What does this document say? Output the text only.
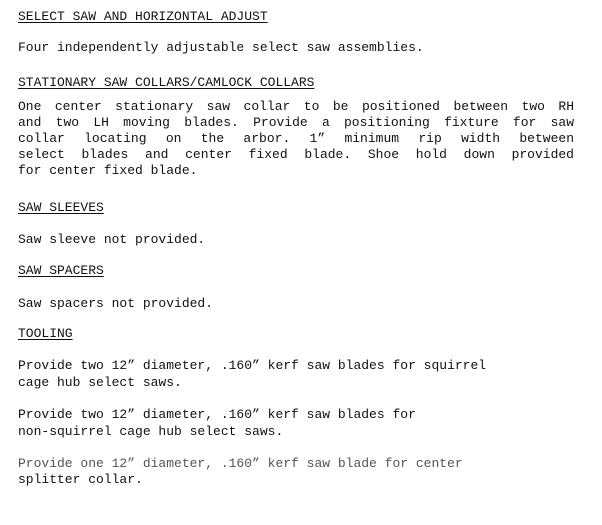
SELECT SAW AND HORIZONTAL ADJUST
Four independently adjustable select saw assemblies.
STATIONARY SAW COLLARS/CAMLOCK COLLARS
One center stationary saw collar to be positioned between two RH
and two LH moving blades. Provide a positioning fixture for saw
collar locating on the arbor. 1” minimum rip width between
select blades and center fixed blade. Shoe hold down provided
for center fixed blade.
SAW SLEEVES
Saw sleeve not provided.
SAW SPACERS
Saw spacers not provided.
TOOLING
Provide two 12” diameter, .160” kerf saw blades for squirrel
cage hub select saws.
Provide two 12” diameter, .160” kerf saw blades for
non-squirrel cage hub select saws.
Provide one 12” diameter, .160” kerf saw blade for center
splitter collar.
